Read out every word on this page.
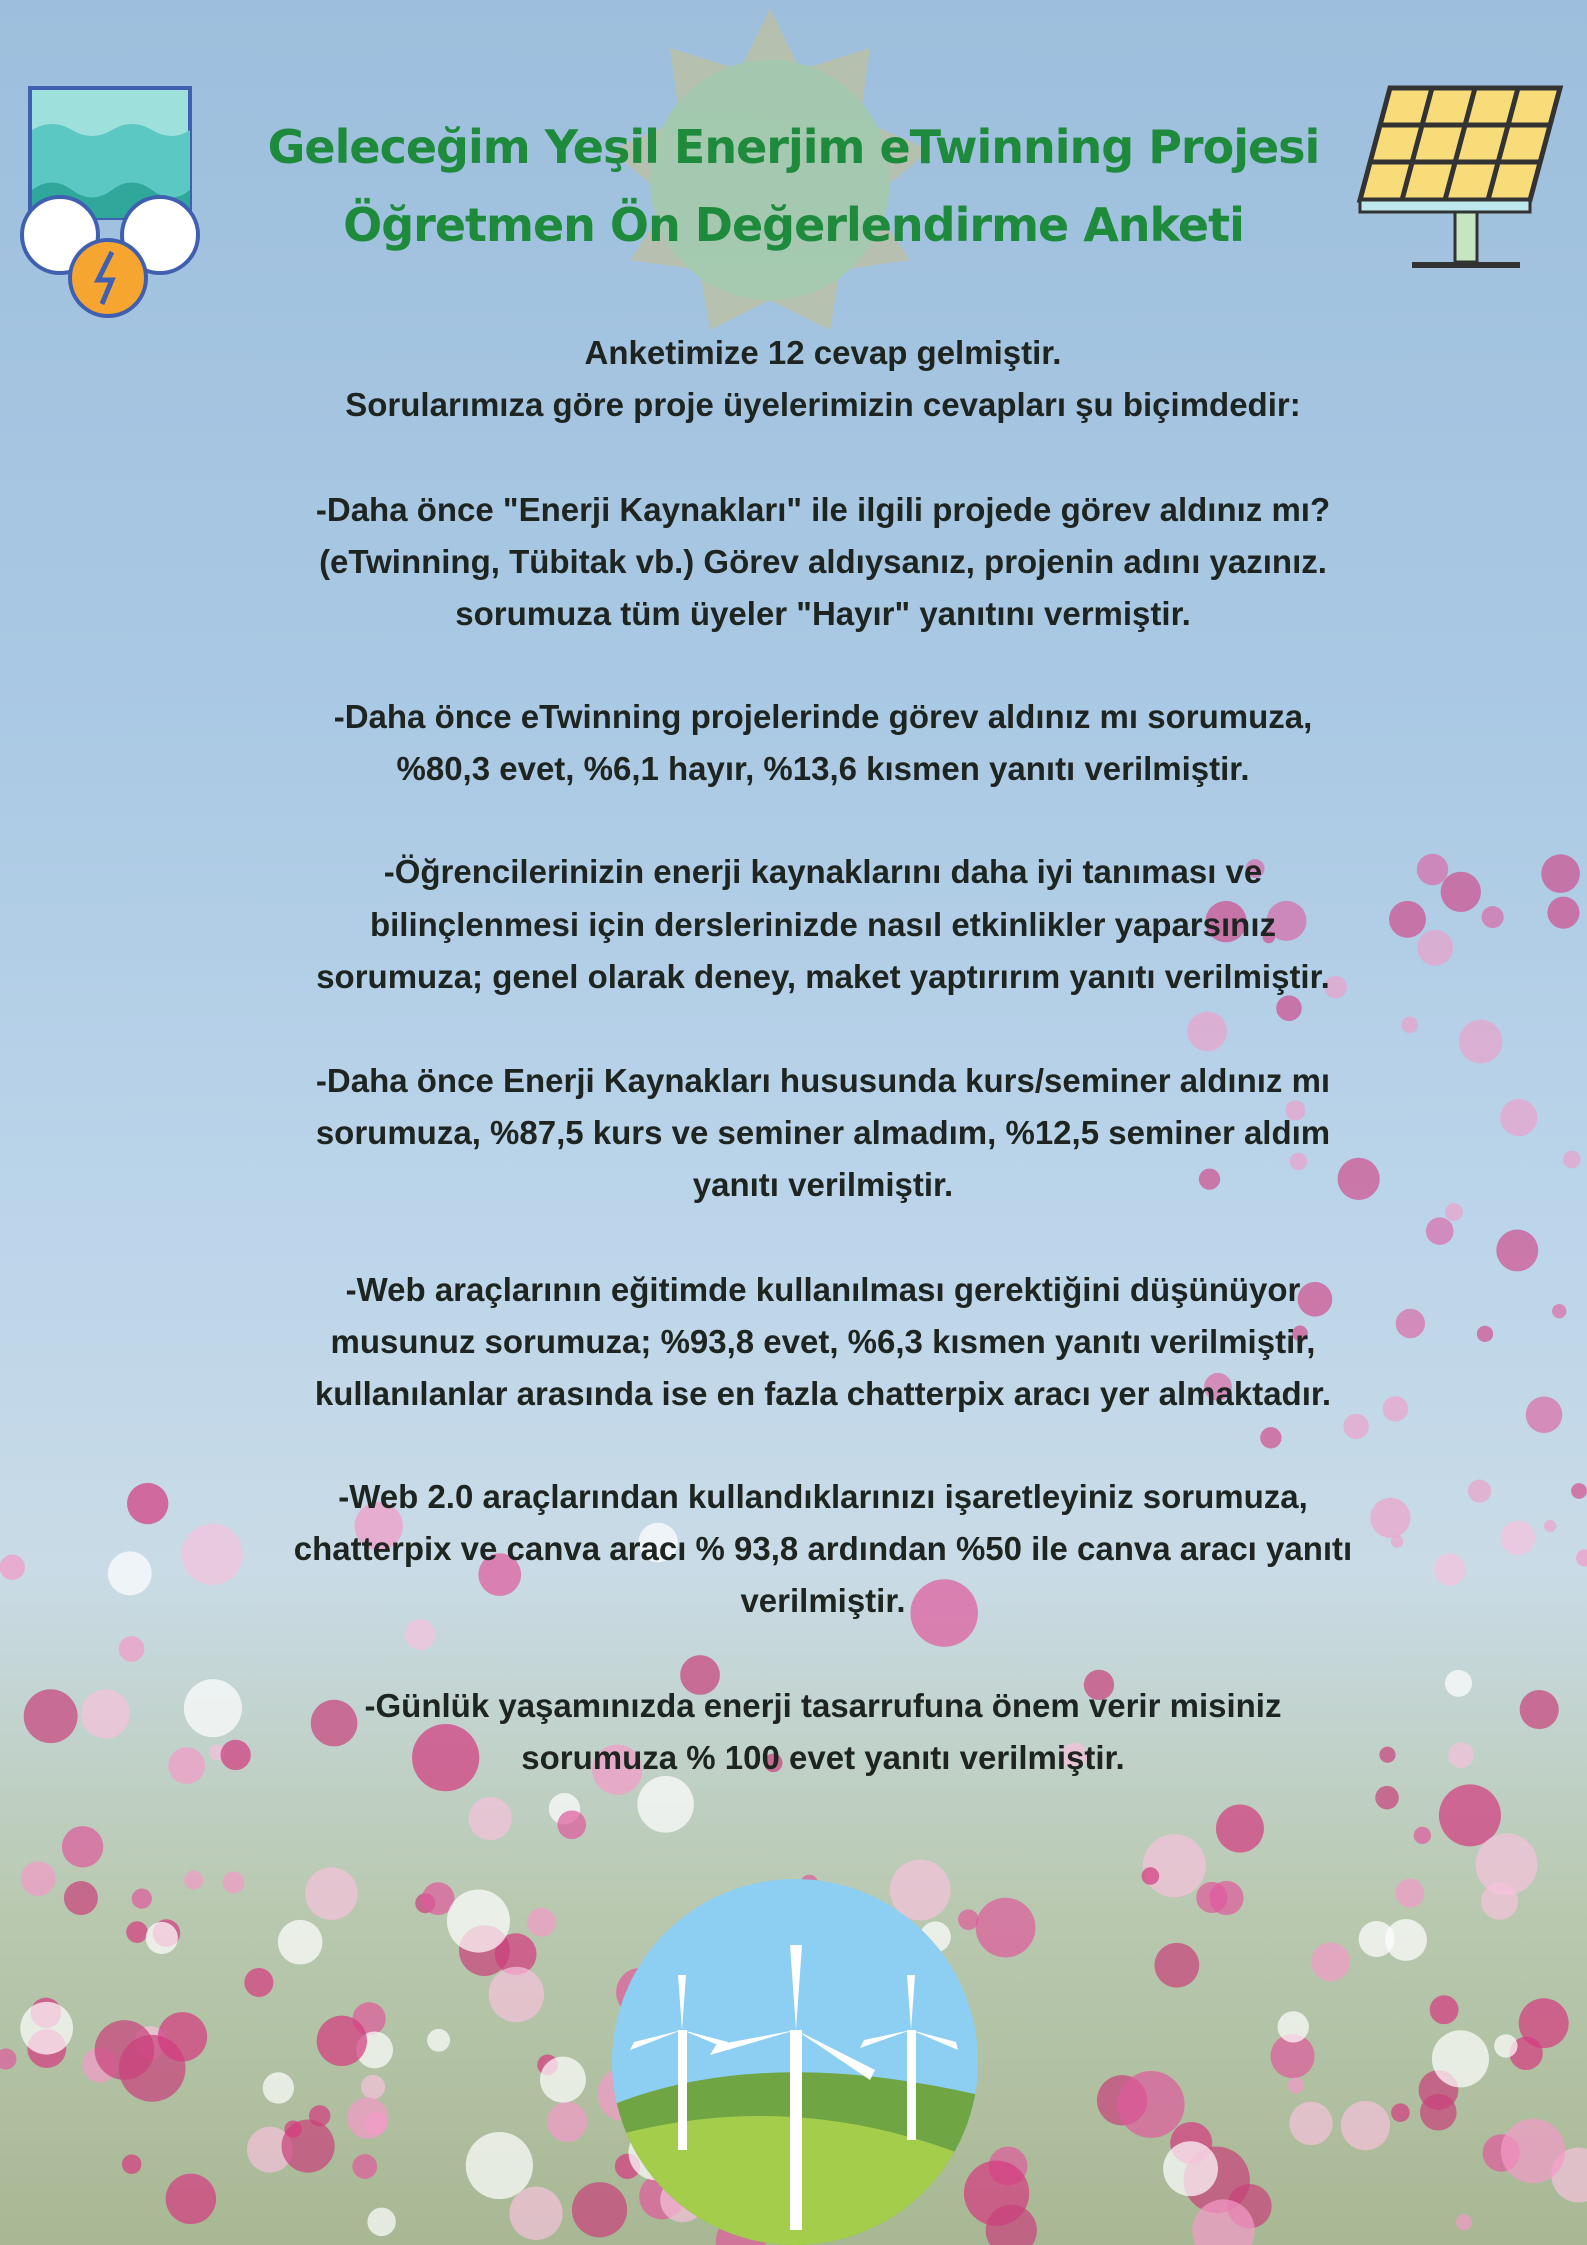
Geleceğim Yeşil Enerjim eTwinning Projesi
Öğretmen Ön Değerlendirme Anketi
Anketimize 12 cevap gelmiştir.
Sorularımıza göre proje üyelerimizin cevapları şu biçimdedir:
-Daha önce "Enerji Kaynakları" ile ilgili projede görev aldınız mı?
(eTwinning, Tübitak vb.) Görev aldıysanız, projenin adını yazınız.
sorumuza tüm üyeler "Hayır" yanıtını vermiştir.
-Daha önce eTwinning projelerinde görev aldınız mı sorumuza,
%80,3 evet, %6,1 hayır, %13,6 kısmen yanıtı verilmiştir.
-Öğrencilerinizin enerji kaynaklarını daha iyi tanıması ve
bilinçlenmesi için derslerinizde nasıl etkinlikler yaparsınız
sorumuza; genel olarak deney, maket yaptırırım yanıtı verilmiştir.
-Daha önce Enerji Kaynakları hususunda kurs/seminer aldınız mı
sorumuza, %87,5 kurs ve seminer almadım, %12,5 seminer aldım
yanıtı verilmiştir.
-Web araçlarının eğitimde kullanılması gerektiğini düşünüyor
musunuz sorumuza; %93,8 evet, %6,3 kısmen yanıtı verilmiştir,
kullanılanlar arasında ise en fazla chatterpix aracı yer almaktadır.
-Web 2.0 araçlarından kullandıklarınızı işaretleyiniz sorumuza,
chatterpix ve canva aracı % 93,8 ardından %50 ile canva aracı yanıtı
verilmiştir.
-Günlük yaşamınızda enerji tasarrufuna önem verir misiniz
sorumuza % 100 evet yanıtı verilmiştir.
